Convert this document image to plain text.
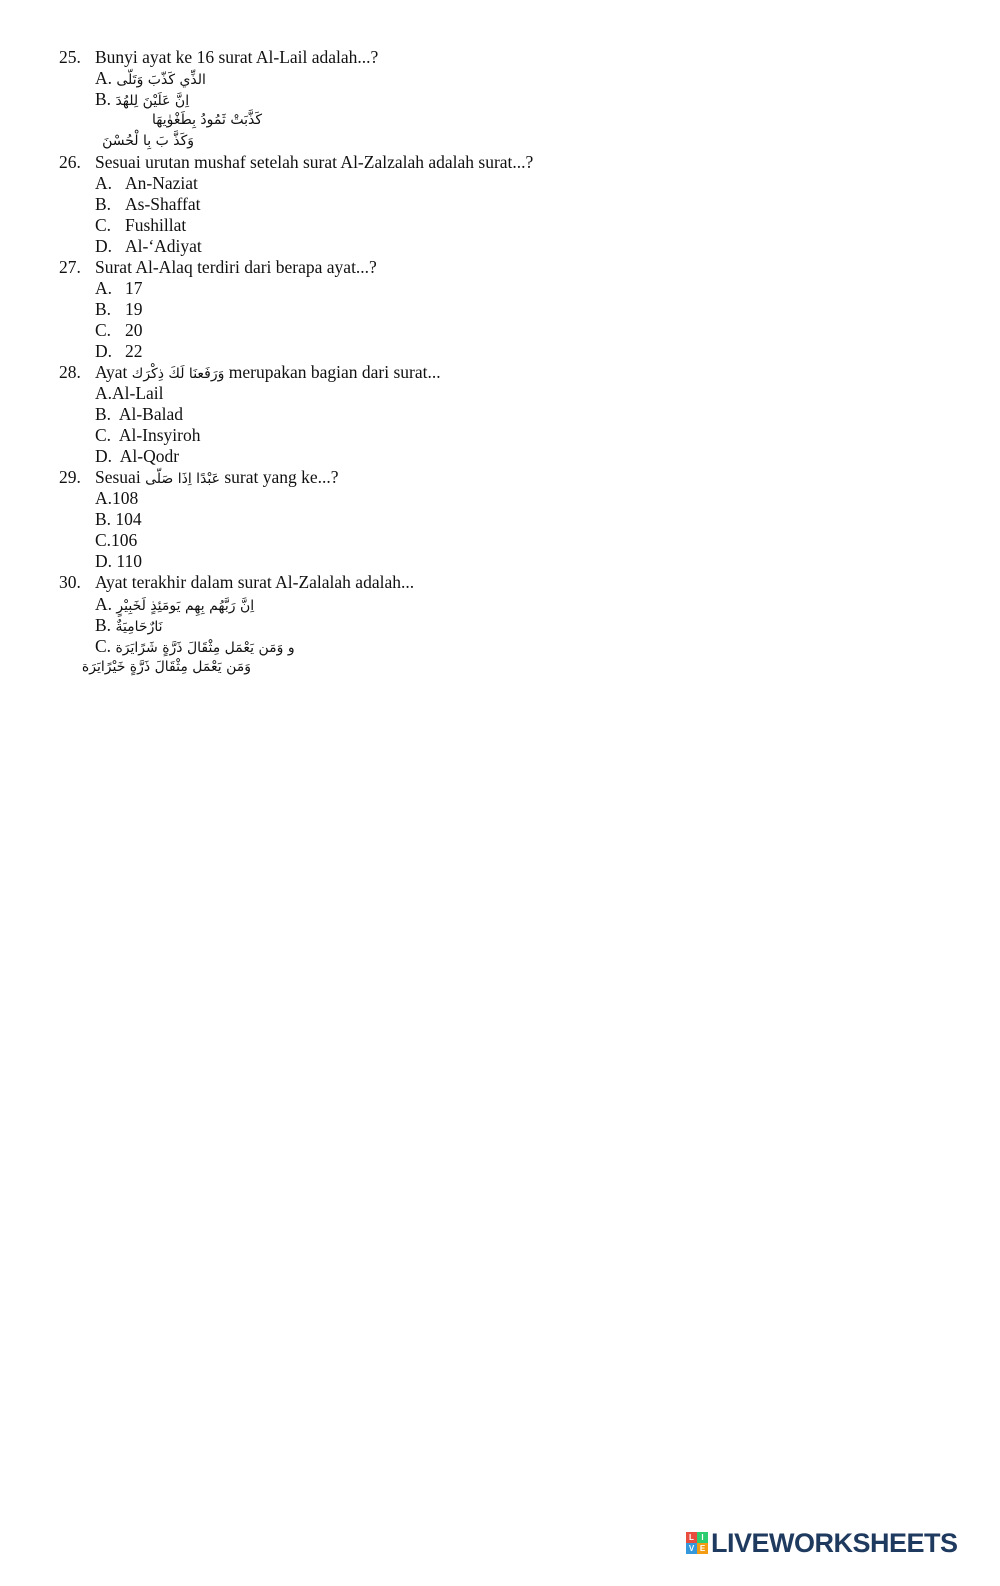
25. Bunyi ayat ke 16 surat Al-Lail adalah...?
A. الذِّي كَذّبَ وَتَلّى
B. اِنَّ عَلَيْنَ لِلهُدَ
كَذَّبَتْ ثَمُودُ بِطَغْوٰيهَا
وَكَذَّ بَ بِا لْحُسْنَ
26. Sesuai urutan mushaf setelah surat Al-Zalzalah adalah surat...?
A. An-Naziat
B. As-Shaffat
C. Fushillat
D. Al-‘Adiyat
27. Surat Al-Alaq terdiri dari berapa ayat...?
A. 17
B. 19
C. 20
D. 22
28. Ayat وَرَفَعنَا لَكَ ذِكْرَك merupakan bagian dari surat...
A.Al-Lail
B.  Al-Balad
C.  Al-Insyiroh
D.  Al-Qodr
29. Sesuai عَبْدًا اِذَا صَلّى surat yang ke...?
A.108
B. 104
C.106
D. 110
30. Ayat terakhir dalam surat Al-Zalalah adalah...
A. اِنَّ رَبَّهُم بِهِم يَومَئِذٍ لَخَبِيْرٍ
B. نَارٌحَامِيَةٌ
C. و وَمَن يَعْمَل مِثْقَالَ ذَرَّةٍ شَرًايَرَة
وَمَن يَعْمَل مِثْقَالَ ذَرَّةٍ خَيْرًايَرَة
L I
V E LIVEWORKSHEETS
